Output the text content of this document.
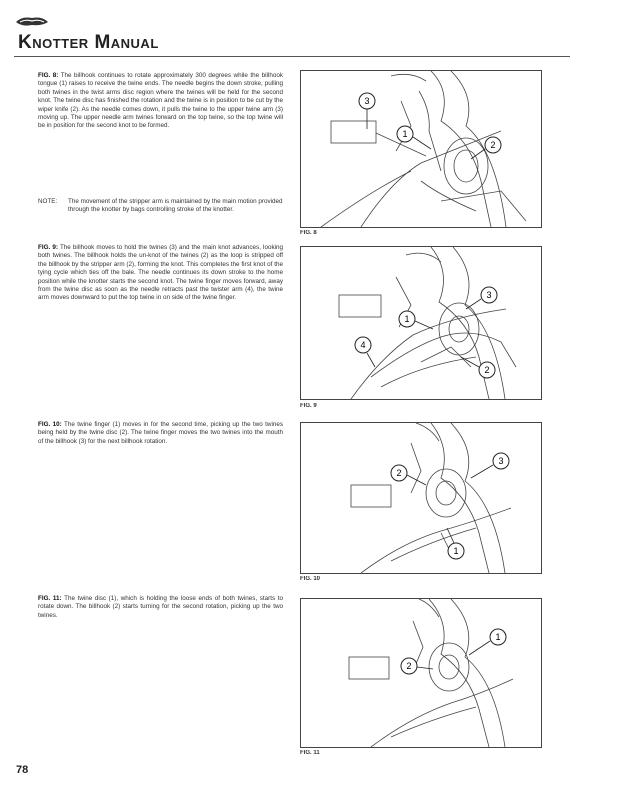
Knotter Manual
FIG. 8: The billhook continues to rotate approximately 300 degrees while the billhook tongue (1) raises to receive the twine ends. The needle begins the down stroke, pulling both twines in the twist arms disc region where the twines will be held for the second knot. The twine disc has finished the rotation and the twine is in position to be cut by the wiper knife (2). As the needle comes down, it pulls the twine to the upper twine arm (3) moving up. The upper needle arm twines forward on the top twine, so the top twine will be in position for the second knot to be formed.
NOTE:	The movement of the stripper arm is maintained by the main motion provided through the knotter by bags controlling stroke of the knotter.
FIG. 9: The billhook moves to hold the twines (3) and the main knot advances, looking both twines. The billhook holds the un-knot of the twines (2) as the loop is stripped off the billhook by the stripper arm (2), forming the knot. This completes the first knot of the tying cycle which ties off the bale. The needle continues its down stroke to the home position while the knotter starts the second knot. The twine finger moves forward, away from the twine disc as soon as the needle retracts past the twister arm (4), the twine arm moves downward to put the top twine in on side of the twine finger.
FIG. 10: The twine finger (1) moves in for the second time, picking up the two twines being held by the twine disc (2). The twine finger moves the two twines into the mouth of the billhook (3) for the next billhook rotation.
FIG. 11: The twine disc (1), which is holding the loose ends of both twines, starts to rotate down. The billhook (2) starts turning for the second rotation, picking up the two twines.
3
1
2
FIG. 8
3
1
4
2
FIG. 9
2
3
1
FIG. 10
1
2
FIG. 11
78
